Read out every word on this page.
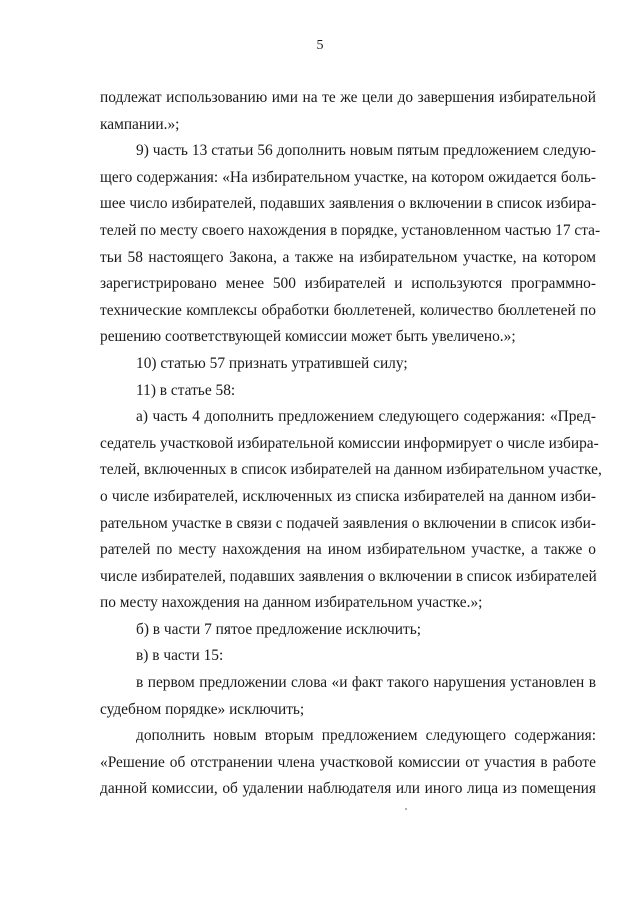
5
подлежат использованию ими на те же цели до завершения избирательной
кампании.»;
9) часть 13 статьи 56 дополнить новым пятым предложением следую-
щего содержания: «На избирательном участке, на котором ожидается боль-
шее число избирателей, подавших заявления о включении в список избира-
телей по месту своего нахождения в порядке, установленном частью 17 ста-
тьи 58 настоящего Закона, а также на избирательном участке, на котором
зарегистрировано менее 500 избирателей и используются программно-
технические комплексы обработки бюллетеней, количество бюллетеней по
решению соответствующей комиссии может быть увеличено.»;
10) статью 57 признать утратившей силу;
11) в статье 58:
а) часть 4 дополнить предложением следующего содержания: «Пред-
седатель участковой избирательной комиссии информирует о числе избира-
телей, включенных в список избирателей на данном избирательном участке,
о числе избирателей, исключенных из списка избирателей на данном изби-
рательном участке в связи с подачей заявления о включении в список изби-
рателей по месту нахождения на ином избирательном участке, а также о
числе избирателей, подавших заявления о включении в список избирателей
по месту нахождения на данном избирательном участке.»;
б) в части 7 пятое предложение исключить;
в) в части 15:
в первом предложении слова «и факт такого нарушения установлен в
судебном порядке» исключить;
дополнить новым вторым предложением следующего содержания:
«Решение об отстранении члена участковой комиссии от участия в работе
данной комиссии, об удалении наблюдателя или иного лица из помещения
